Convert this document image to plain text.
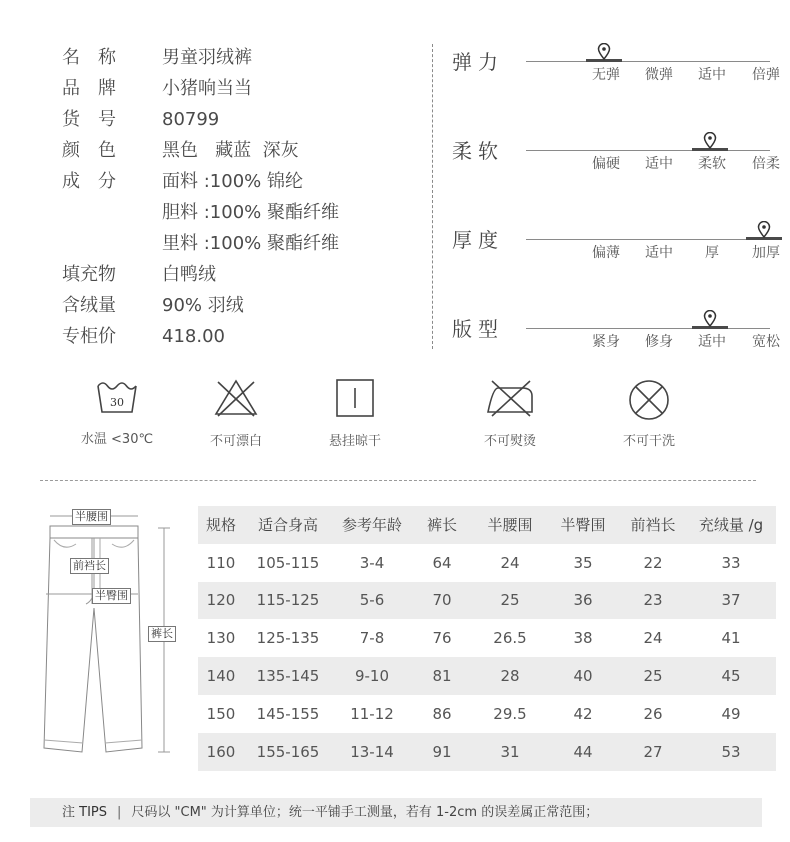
名称 男童羽绒裤
品牌 小猪响当当
货号 80799
颜色 黑色   藏蓝  深灰
成分 面料 :100% 锦纶
胆料 :100% 聚酯纤维
里料 :100% 聚酯纤维
填充物	白鸭绒
含绒量	90% 羽绒
专柜价	418.00
弹力
无弹	微弹	适中	倍弹
柔软
偏硬	适中	柔软	倍柔
厚度
偏薄	适中	厚	加厚
版型
紧身	修身	适中	宽松
30
水温 <30℃	不可漂白	悬挂晾干	不可熨烫	不可干洗
半腰围
前裆长
半臀围
裤长
规格	适合身高	参考年龄	裤长	半腰围	半臀围	前裆长	充绒量 /g
110	105-115	3-4	64	24	35	22	33
120	115-125	5-6	70	25	36	23	37
130	125-135	7-8	76	26.5	38	24	41
140	135-145	9-10	81	28	40	25	45
150	145-155	11-12	86	29.5	42	26	49
160	155-165	13-14	91	31	44	27	53
注 TIPS | 尺码以 "CM" 为计算单位；统一平铺手工测量，若有 1-2cm 的误差属正常范围；
